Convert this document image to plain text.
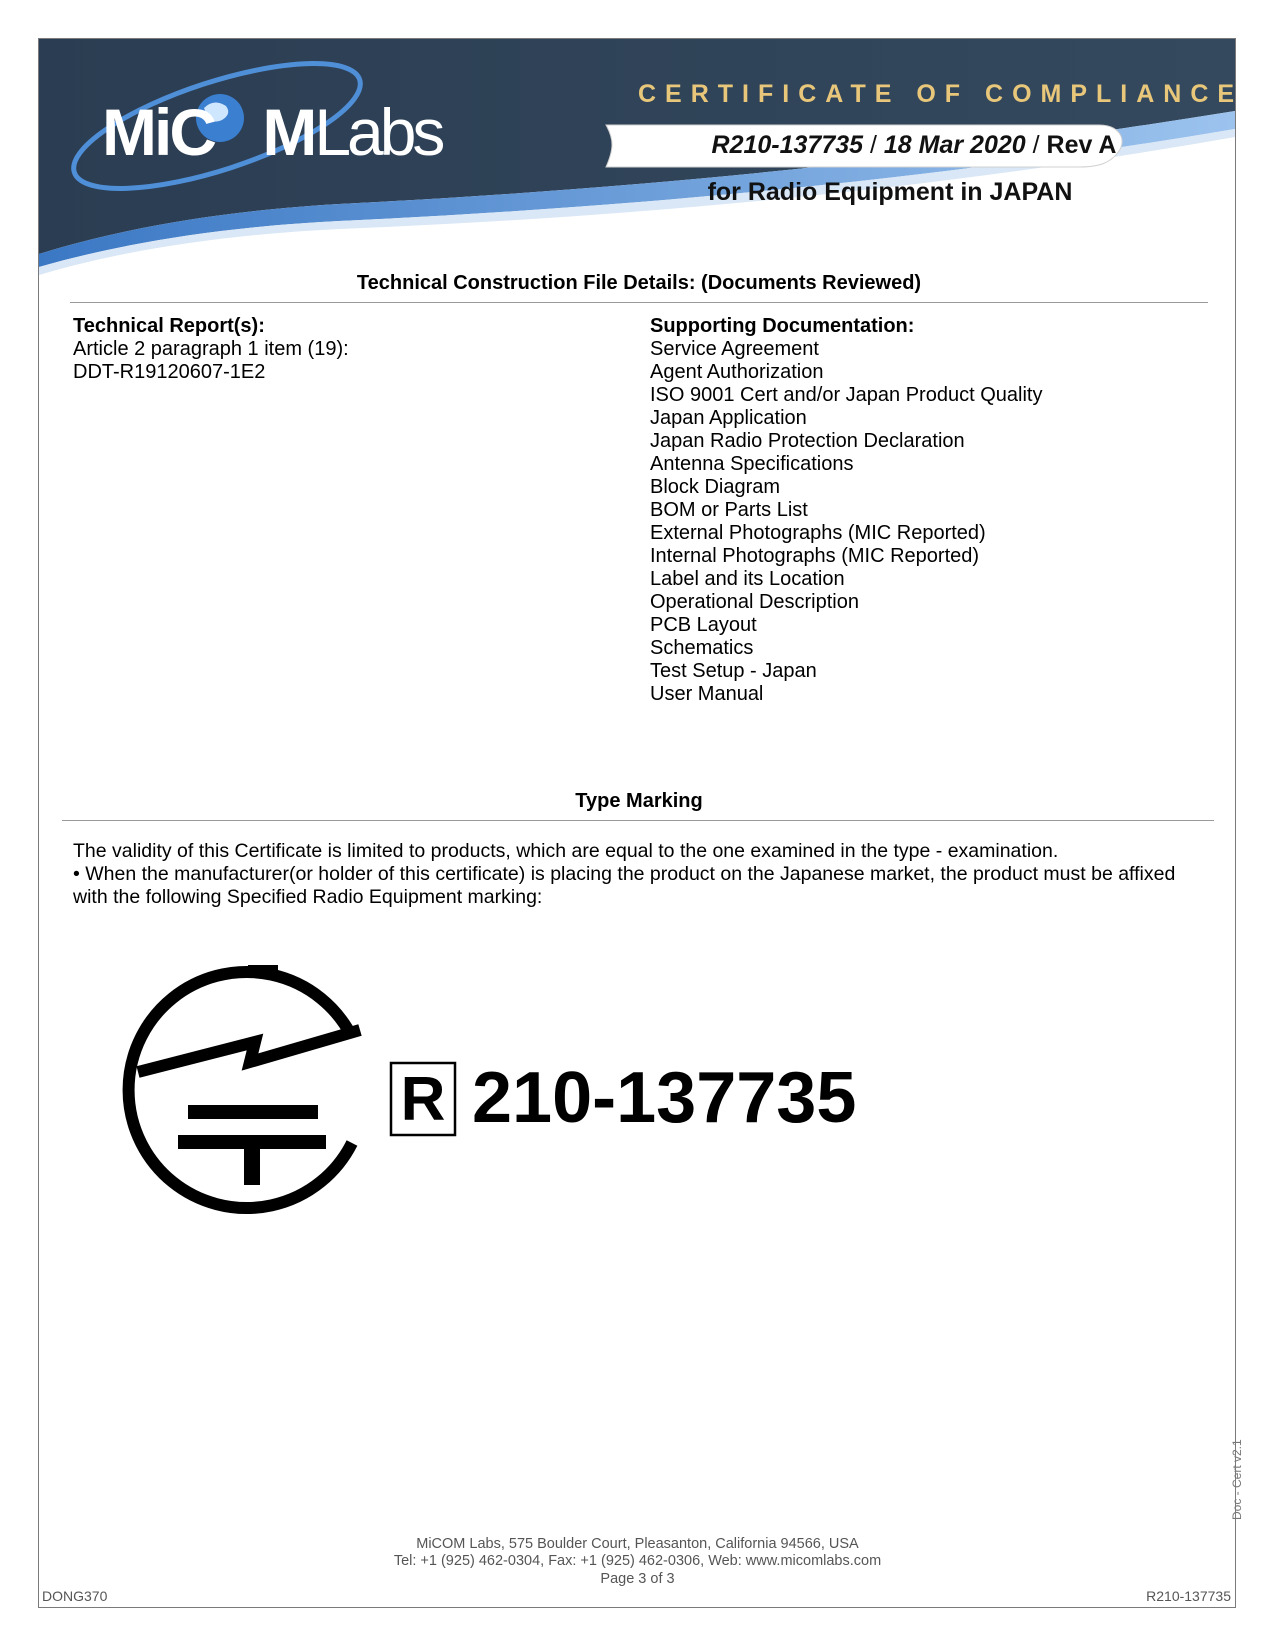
MiC MLabs
CERTIFICATE OF COMPLIANCE
R210-137735 / 18 Mar 2020 / Rev A
for Radio Equipment in JAPAN
Technical Construction File Details: (Documents Reviewed)
Technical Report(s):
Article 2 paragraph 1 item (19):
DDT-R19120607-1E2
Supporting Documentation:
Service Agreement
Agent Authorization
ISO 9001 Cert and/or Japan Product Quality
Japan Application
Japan Radio Protection Declaration
Antenna Specifications
Block Diagram
BOM or Parts List
External Photographs (MIC Reported)
Internal Photographs (MIC Reported)
Label and its Location
Operational Description
PCB Layout
Schematics
Test Setup - Japan
User Manual
Type Marking
The validity of this Certificate is limited to products, which are equal to the one examined in the type - examination.
• When the manufacturer(or holder of this certificate) is placing the product on the Japanese market, the product must be affixed with the following Specified Radio Equipment marking:
R 210-137735
Doc - Cert v2.1
MiCOM Labs, 575 Boulder Court, Pleasanton, California 94566, USA
Tel: +1 (925) 462-0304, Fax: +1 (925) 462-0306, Web: www.micomlabs.com
Page 3 of 3
DONG370	R210-137735
